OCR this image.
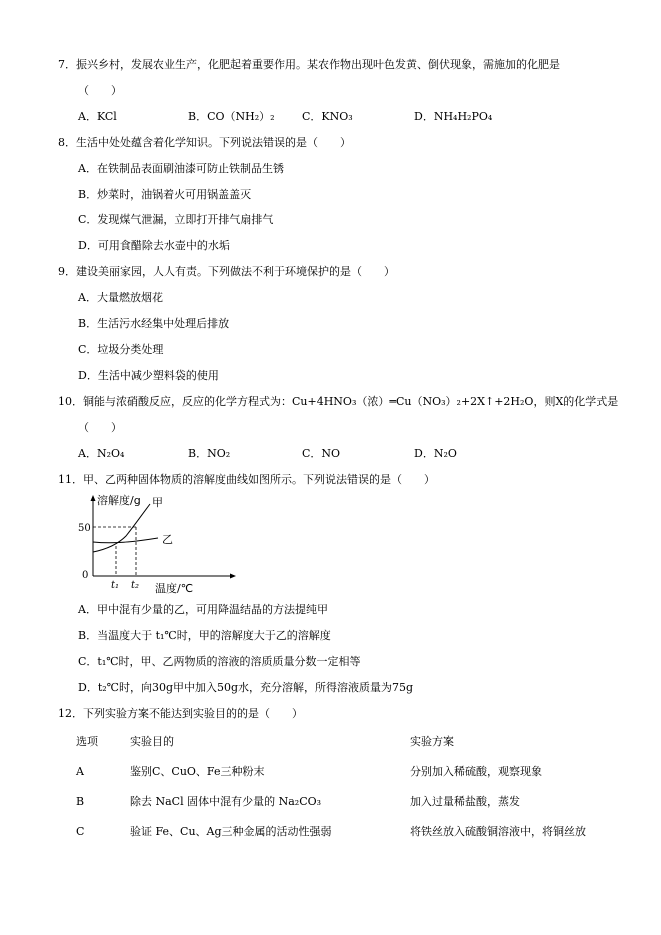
7．振兴乡村，发展农业生产，化肥起着重要作用。某农作物出现叶色发黄、倒伏现象，需施加的化肥是
（　　）
A．KCl	B．CO（NH₂）₂ C．KNO₃	D．NH₄H₂PO₄
8．生活中处处蕴含着化学知识。下列说法错误的是（　　）
A．在铁制品表面刷油漆可防止铁制品生锈
B．炒菜时，油锅着火可用锅盖盖灭
C．发现煤气泄漏，立即打开排气扇排气
D．可用食醋除去水壶中的水垢
9．建设美丽家园，人人有责。下列做法不利于环境保护的是（　　）
A．大量燃放烟花
B．生活污水经集中处理后排放
C．垃圾分类处理
D．生活中减少塑料袋的使用
10．铜能与浓硝酸反应，反应的化学方程式为：Cu+4HNO₃（浓）═Cu（NO₃）₂+2X↑+2H₂O，则X的化学式是
（　　）
A．N₂O₄	B．NO₂	C．NO	D．N₂O
11．甲、乙两种固体物质的溶解度曲线如图所示。下列说法错误的是（　　）
溶解度/g 甲
乙
50
0
t₁ t₂ 温度/℃
A．甲中混有少量的乙，可用降温结晶的方法提纯甲
B．当温度大于 t₁℃时，甲的溶解度大于乙的溶解度
C．t₁℃时，甲、乙两物质的溶液的溶质质量分数一定相等
D．t₂℃时，向30g甲中加入50g水，充分溶解，所得溶液质量为75g
12．下列实验方案不能达到实验目的的是（　　）
选项	实验目的	实验方案
A	鉴别C、CuO、Fe三种粉末	分别加入稀硫酸，观察现象
B	除去 NaCl 固体中混有少量的 Na₂CO₃	加入过量稀盐酸，蒸发
C	验证 Fe、Cu、Ag三种金属的活动性强弱	将铁丝放入硫酸铜溶液中，将铜丝放
